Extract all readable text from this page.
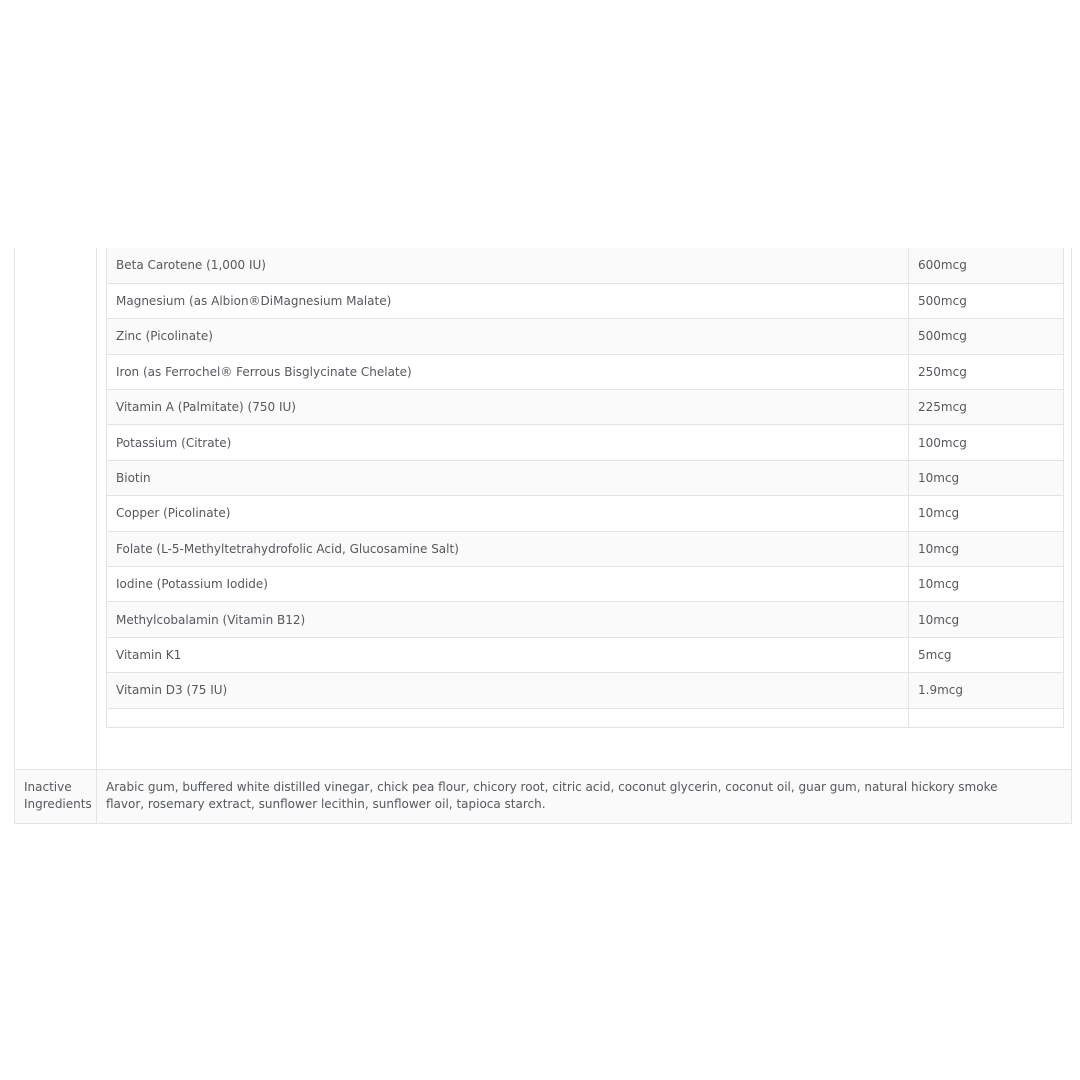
Beta Carotene (1,000 IU)	600mcg
Magnesium (as Albion®DiMagnesium Malate)	500mcg
Zinc (Picolinate)	500mcg
Iron (as Ferrochel® Ferrous Bisglycinate Chelate)	250mcg
Vitamin A (Palmitate) (750 IU)	225mcg
Potassium (Citrate)	100mcg
Biotin	10mcg
Copper (Picolinate)	10mcg
Folate (L-5-Methyltetrahydrofolic Acid, Glucosamine Salt)	10mcg
Iodine (Potassium Iodide)	10mcg
Methylcobalamin (Vitamin B12)	10mcg
Vitamin K1	5mcg
Vitamin D3 (75 IU)	1.9mcg

Inactive Ingredients
Arabic gum, buffered white distilled vinegar, chick pea flour, chicory root, citric acid, coconut glycerin, coconut oil, guar gum, natural hickory smoke flavor, rosemary extract, sunflower lecithin, sunflower oil, tapioca starch.
